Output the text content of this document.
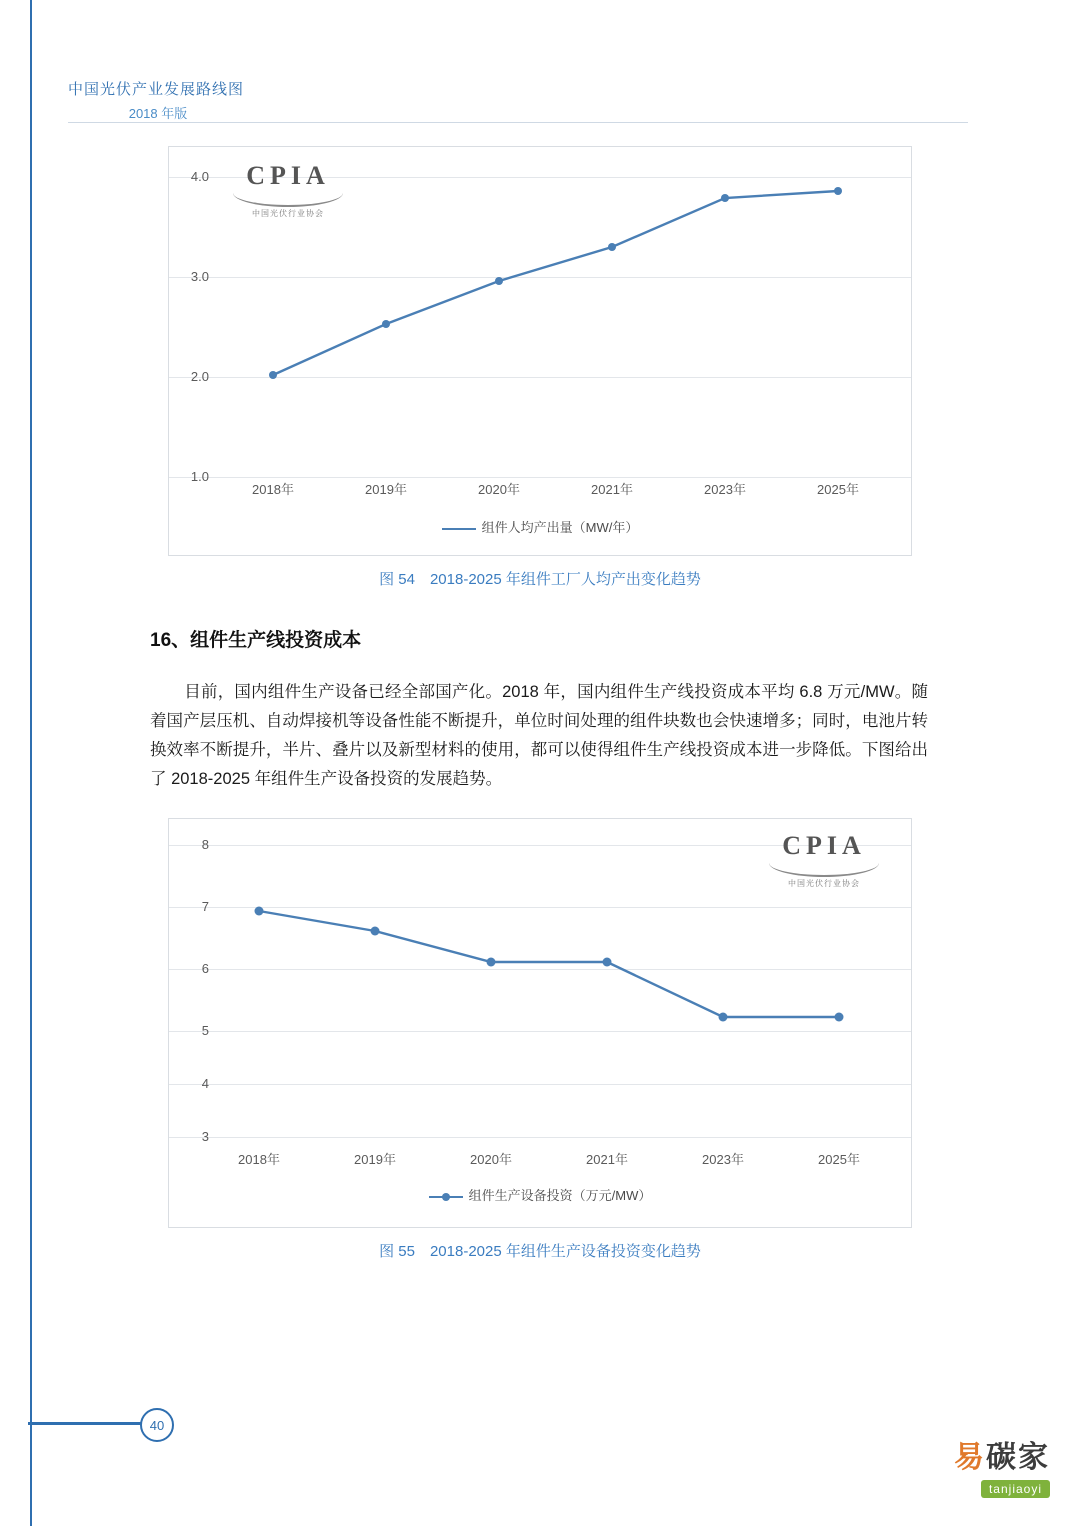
中国光伏产业发展路线图
2018 年版
4.0
3.0
2.0
1.0
CPIA
中国光伏行业协会
2018年	2019年	2020年	2021年	2023年	2025年
组件人均产出量（MW/年）
图 54　2018-2025 年组件工厂人均产出变化趋势
16、组件生产线投资成本
目前，国内组件生产设备已经全部国产化。2018 年，国内组件生产线投资成本平均 6.8 万元/MW。随着国产层压机、自动焊接机等设备性能不断提升，单位时间处理的组件块数也会快速增多；同时，电池片转换效率不断提升，半片、叠片以及新型材料的使用，都可以使得组件生产线投资成本进一步降低。下图给出了 2018-2025 年组件生产设备投资的发展趋势。
8
7
6
5
4
3
CPIA
中国光伏行业协会
2018年	2019年	2020年	2021年	2023年	2025年
组件生产设备投资（万元/MW）
图 55　2018-2025 年组件生产设备投资变化趋势
40
易碳家
tanjiaoyi
